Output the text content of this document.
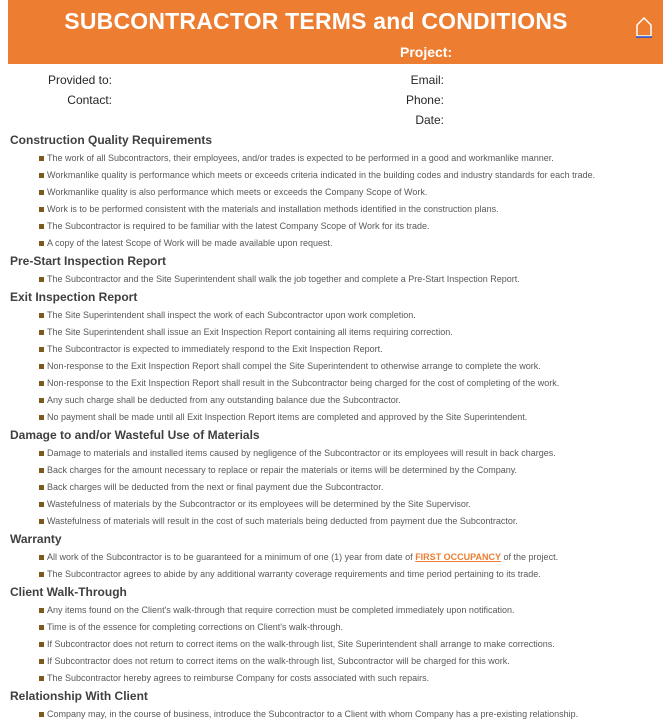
SUBCONTRACTOR TERMS and CONDITIONS
Project:
Provided to:
Contact:
Email:
Phone:
Date:
Construction Quality Requirements
The work of all Subcontractors, their employees, and/or trades is expected to be performed in a good and workmanlike manner.
Workmanlike quality is performance which meets or exceeds criteria indicated in the building codes and industry standards for each trade.
Workmanlike quality is also performance which meets or exceeds the Company Scope of Work.
Work is to be performed consistent with the materials and installation methods identified in the construction plans.
The Subcontractor is required to be familiar with the latest Company Scope of Work for its trade.
A copy of the latest Scope of Work will be made available upon request.
Pre-Start Inspection Report
The Subcontractor and the Site Superintendent shall walk the job together and complete a Pre-Start Inspection Report.
Exit Inspection Report
The Site Superintendent shall inspect the work of each Subcontractor upon work completion.
The Site Superintendent shall issue an Exit Inspection Report containing all items requiring correction.
The Subcontractor is expected to immediately respond to the Exit Inspection Report.
Non-response to the Exit Inspection Report shall compel the Site Superintendent to otherwise arrange to complete the work.
Non-response to the Exit Inspection Report shall result in the Subcontractor being charged for the cost of completing of the work.
Any such charge shall be deducted from any outstanding balance due the Subcontractor.
No payment shall be made until all Exit Inspection Report items are completed and approved by the Site Superintendent.
Damage to and/or Wasteful Use of Materials
Damage to materials and installed items caused by negligence of the Subcontractor or its employees will result in back charges.
Back charges for the amount necessary to replace or repair the materials or items will be determined by the Company.
Back charges will be deducted from the next or final payment due the Subcontractor.
Wastefulness of materials by the Subcontractor or its employees will be determined by the Site Supervisor.
Wastefulness of materials will result in the cost of such materials being deducted from payment due the Subcontractor.
Warranty
All work of the Subcontractor is to be guaranteed for a minimum of one (1) year from date of FIRST OCCUPANCY of the project.
The Subcontractor agrees to abide by any additional warranty coverage requirements and time period pertaining to its trade.
Client Walk-Through
Any items found on the Client's walk-through that require correction must be completed immediately upon notification.
Time is of the essence for completing corrections on Client's walk-through.
If Subcontractor does not return to correct items on the walk-through list, Site Superintendent shall arrange to make corrections.
If Subcontractor does not return to correct items on the walk-through list, Subcontractor will be charged for this work.
The Subcontractor hereby agrees to reimburse Company for costs associated with such repairs.
Relationship With Client
Company may, in the course of business, introduce the Subcontractor to a Client with whom Company has a pre-existing relationship.
